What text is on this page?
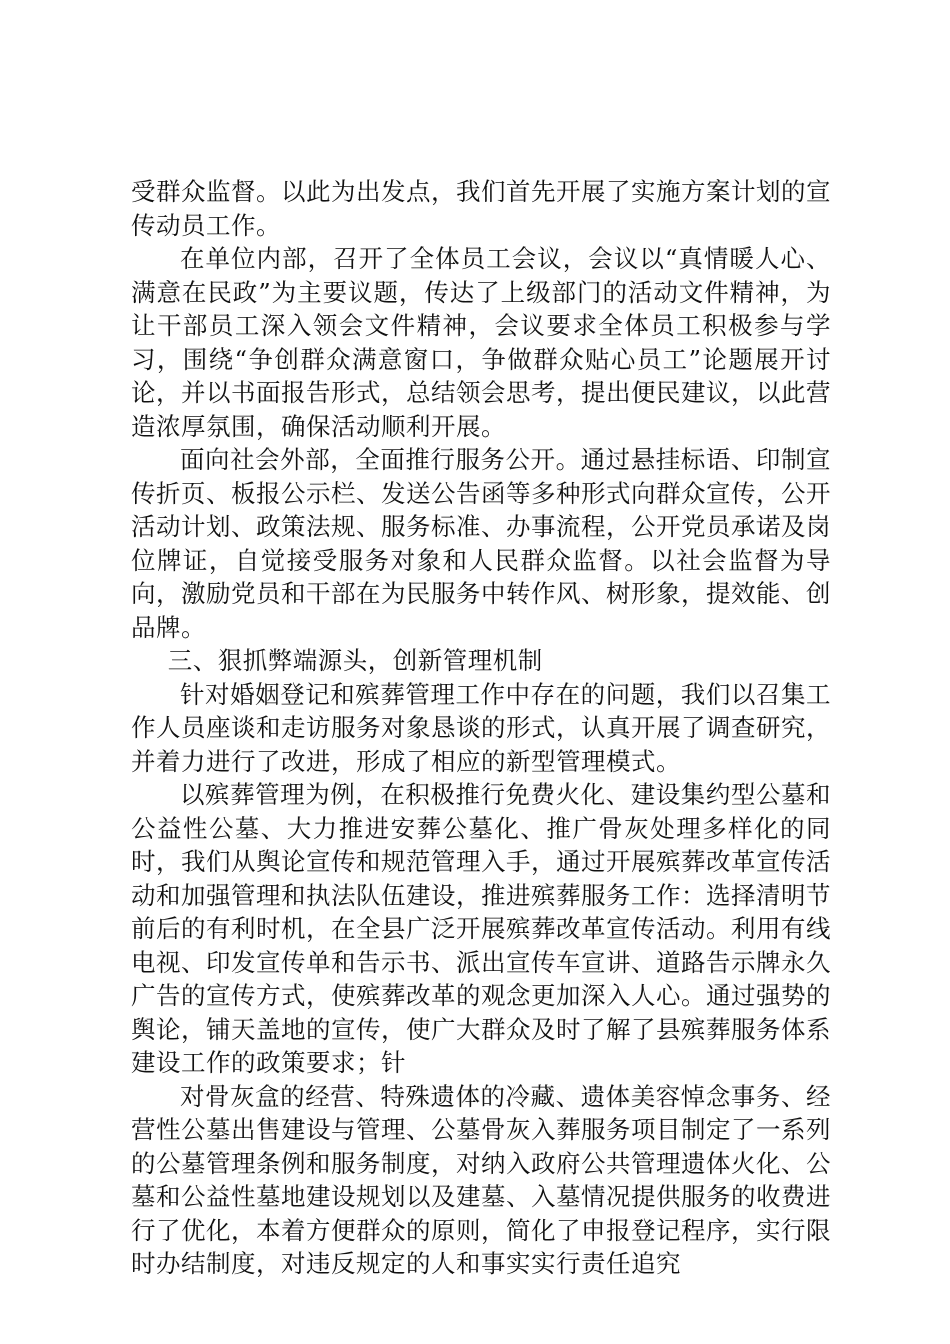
受群众监督。以此为出发点，我们首先开展了实施方案计划的宣传动员工作。

在单位内部，召开了全体员工会议，会议以“真情暖人心、满意在民政”为主要议题，传达了上级部门的活动文件精神，为让干部员工深入领会文件精神，会议要求全体员工积极参与学习，围绕“争创群众满意窗口，争做群众贴心员工”论题展开讨论，并以书面报告形式，总结领会思考，提出便民建议，以此营造浓厚氛围，确保活动顺利开展。

面向社会外部，全面推行服务公开。通过悬挂标语、印制宣传折页、板报公示栏、发送公告函等多种形式向群众宣传，公开活动计划、政策法规、服务标准、办事流程，公开党员承诺及岗位牌证，自觉接受服务对象和人民群众监督。以社会监督为导向，激励党员和干部在为民服务中转作风、树形象，提效能、创品牌。

三、狠抓弊端源头，创新管理机制

针对婚姻登记和殡葬管理工作中存在的问题，我们以召集工作人员座谈和走访服务对象恳谈的形式，认真开展了调查研究，并着力进行了改进，形成了相应的新型管理模式。

以殡葬管理为例，在积极推行免费火化、建设集约型公墓和公益性公墓、大力推进安葬公墓化、推广骨灰处理多样化的同时，我们从舆论宣传和规范管理入手，通过开展殡葬改革宣传活动和加强管理和执法队伍建设，推进殡葬服务工作：选择清明节前后的有利时机，在全县广泛开展殡葬改革宣传活动。利用有线电视、印发宣传单和告示书、派出宣传车宣讲、道路告示牌永久广告的宣传方式，使殡葬改革的观念更加深入人心。通过强势的舆论，铺天盖地的宣传，使广大群众及时了解了县殡葬服务体系建设工作的政策要求；针

对骨灰盒的经营、特殊遗体的冷藏、遗体美容悼念事务、经营性公墓出售建设与管理、公墓骨灰入葬服务项目制定了一系列的公墓管理条例和服务制度，对纳入政府公共管理遗体火化、公墓和公益性墓地建设规划以及建墓、入墓情况提供服务的收费进行了优化，本着方便群众的原则，简化了申报登记程序，实行限时办结制度，对违反规定的人和事实实行责任追究
